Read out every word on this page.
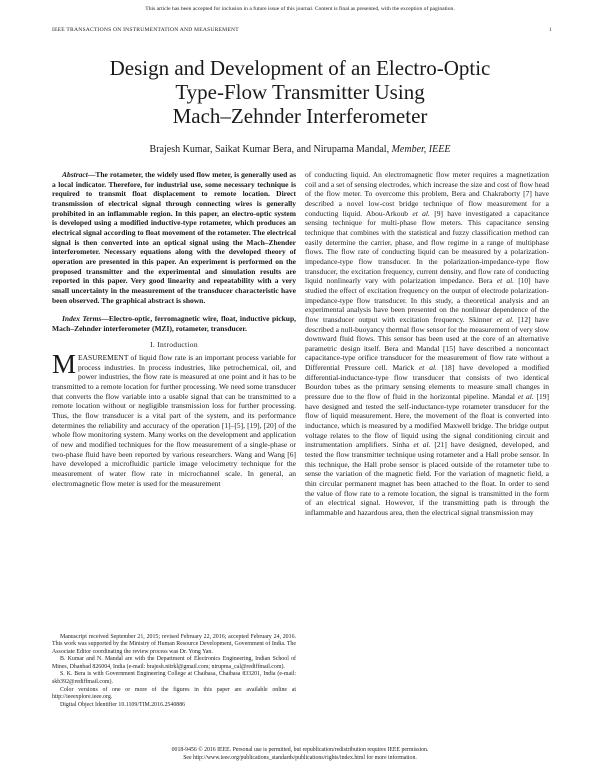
This article has been accepted for inclusion in a future issue of this journal. Content is final as presented, with the exception of pagination.
IEEE TRANSACTIONS ON INSTRUMENTATION AND MEASUREMENT	1
Design and Development of an Electro-Optic
Type-Flow Transmitter Using
Mach–Zehnder Interferometer
Brajesh Kumar, Saikat Kumar Bera, and Nirupama Mandal, Member, IEEE

Abstract—The rotameter, the widely used flow meter, is generally used as a local indicator. Therefore, for industrial use, some necessary technique is required to transmit float displacement to remote location. Direct transmission of electrical signal through connecting wires is generally prohibited in an inflammable region. In this paper, an electro-optic system is developed using a modified inductive-type rotameter, which produces an electrical signal according to float movement of the rotameter. The electrical signal is then converted into an optical signal using the Mach–Zhender interferometer. Necessary equations along with the developed theory of operation are presented in this paper. An experiment is performed on the proposed transmitter and the experimental and simulation results are reported in this paper. Very good linearity and repeatability with a very small uncertainty in the measurement of the transducer characteristic have been observed. The graphical abstract is shown.

Index Terms—Electro-optic, ferromagnetic wire, float, inductive pickup, Mach–Zehnder interferometer (MZI), rotameter, transducer.

I. Introduction

MEASUREMENT of liquid flow rate is an important process variable for process industries. In process industries, like petrochemical, oil, and power industries, the flow rate is measured at one point and it has to be transmitted to a remote location for further processing. We need some transducer that converts the flow variable into a usable signal that can be transmitted to a remote location without or negligible transmission loss for further processing. Thus, the flow transducer is a vital part of the system, and its performance determines the reliability and accuracy of the operation [1]–[5], [19], [20] of the whole flow monitoring system. Many works on the development and application of new and modified techniques for the flow measurement of a single-phase or two-phase fluid have been reported by various researchers. Wang and Wang [6] have developed a microfluidic particle image velocimetry technique for the measurement of water flow rate in microchannel scale. In general, an electromagnetic flow meter is used for the measurement

Manuscript received September 21, 2015; revised February 22, 2016; accepted February 24, 2016. This work was supported by the Ministry of Human Resource Development, Government of India. The Associate Editor coordinating the review process was Dr. Yong Yan.

B. Kumar and N. Mandal are with the Department of Electronics Engineering, Indian School of Mines, Dhanbad 826004, India (e-mail: brajesh.nitrkl@gmail.com; nirupma_cal@rediffmail.com).

S. K. Bera is with Government Engineering College at Chaibasa, Chaibasa 833201, India (e-mail: skb392@rediffmail.com).

Color versions of one or more of the figures in this paper are available online at http://ieeexplore.ieee.org.

Digital Object Identifier 10.1109/TIM.2016.2540886

of conducting liquid. An electromagnetic flow meter requires a magnetization coil and a set of sensing electrodes, which increase the size and cost of flow head of the flow meter. To overcome this problem, Bera and Chakraborty [7] have described a novel low-cost bridge technique of flow measurement for a conducting liquid. Abou-Arkoub et al. [9] have investigated a capacitance sensing technique for multi-phase flow meters. This capacitance sensing technique that combines with the statistical and fuzzy classification method can easily determine the carrier, phase, and flow regime in a range of multiphase flows. The flow rate of conducting liquid can be measured by a polarization-impedance-type flow transducer. In the polarization-impedance-type flow transducer, the excitation frequency, current density, and flow rate of conducting liquid nonlinearly vary with polarization impedance. Bera et al. [10] have studied the effect of excitation frequency on the output of electrode polarization-impedance-type flow transducer. In this study, a theoretical analysis and an experimental analysis have been presented on the nonlinear dependence of the flow transducer output with excitation frequency. Skinner et al. [12] have described a null-buoyancy thermal flow sensor for the measurement of very slow downward fluid flows. This sensor has been used at the core of an alternative parametric design itself. Bera and Mandal [15] have described a noncontact capacitance-type orifice transducer for the measurement of flow rate without a Differential Pressure cell. Marick et al. [18] have developed a modified differential-inductance-type flow transducer that consists of two identical Bourdon tubes as the primary sensing elements to measure small changes in pressure due to the flow of fluid in the horizontal pipeline. Mandal et al. [19] have designed and tested the self-inductance-type rotameter transducer for the flow of liquid measurement. Here, the movement of the float is converted into inductance, which is measured by a modified Maxwell bridge. The bridge output voltage relates to the flow of liquid using the signal conditioning circuit and instrumentation amplifiers. Sinha et al. [21] have designed, developed, and tested the flow transmitter technique using rotameter and a Hall probe sensor. In this technique, the Hall probe sensor is placed outside of the rotameter tube to sense the variation of the magnetic field. For the variation of magnetic field, a thin circular permanent magnet has been attached to the float. In order to send the value of flow rate to a remote location, the signal is transmitted in the form of an electrical signal. However, if the transmitting path is through the inflammable and hazardous area, then the electrical signal transmission may

0018-9456 © 2016 IEEE. Personal use is permitted, but republication/redistribution requires IEEE permission.
See http://www.ieee.org/publications_standards/publications/rights/index.html for more information.
